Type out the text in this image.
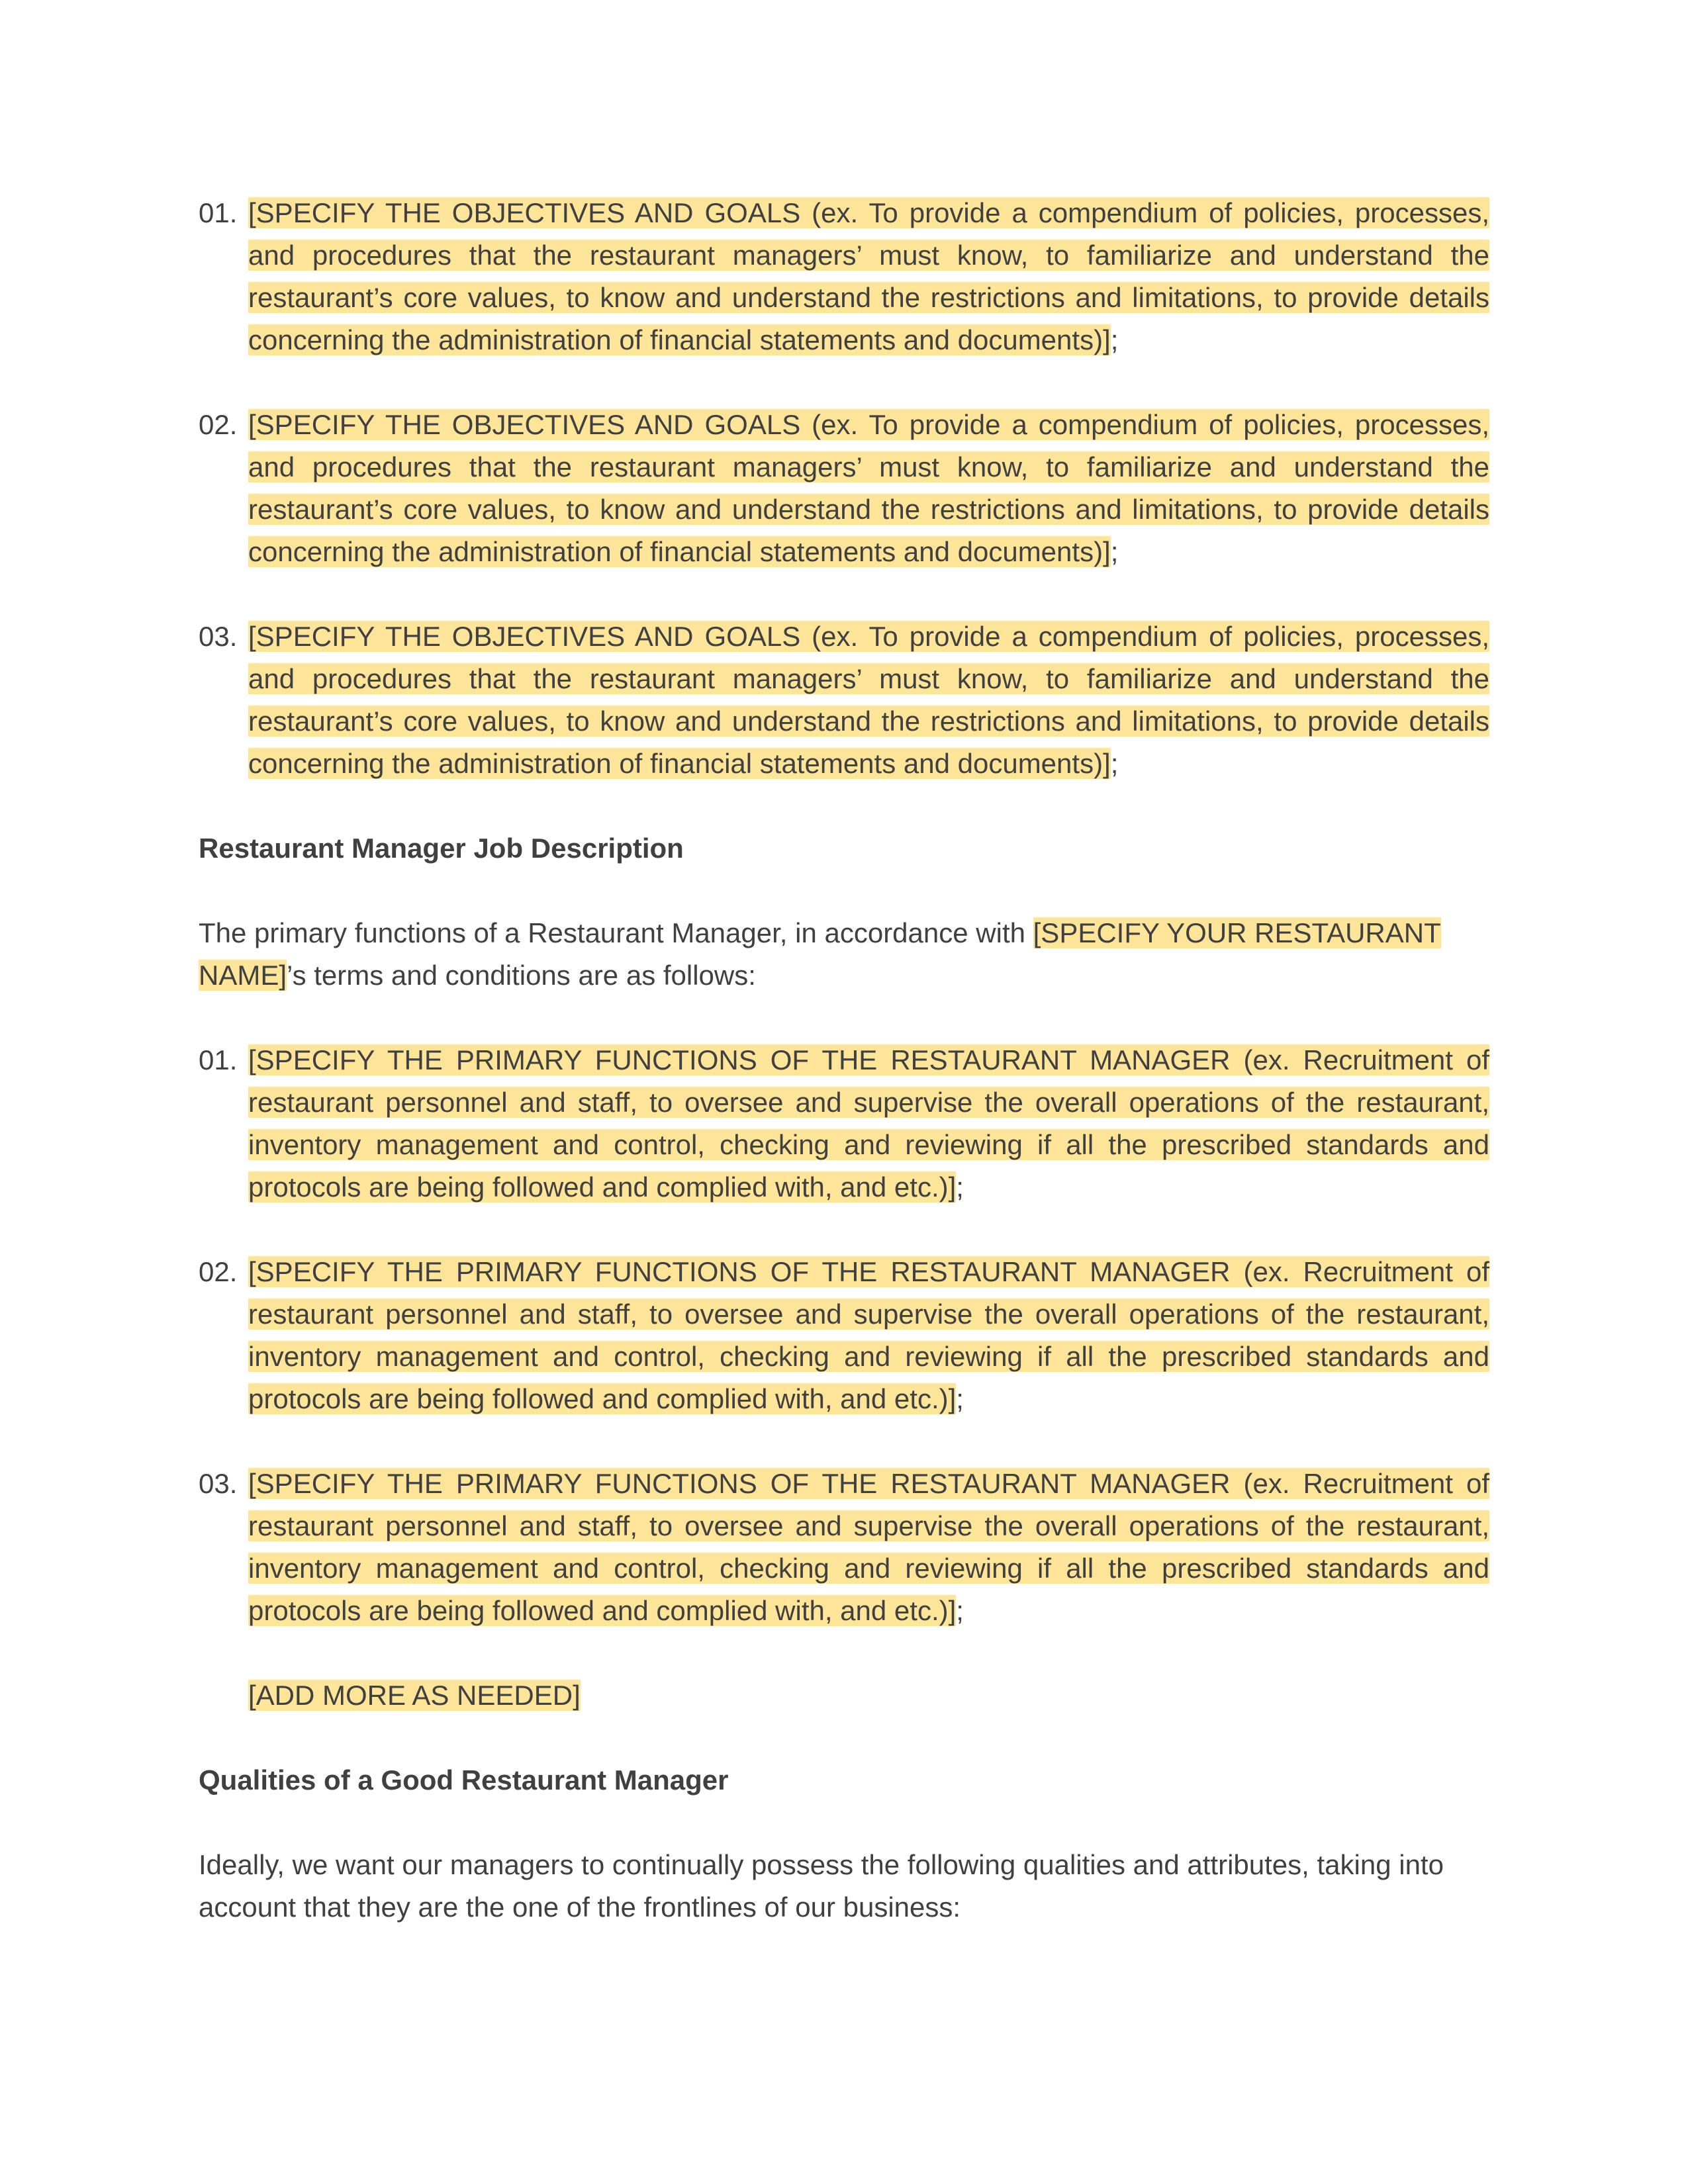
01. [SPECIFY THE OBJECTIVES AND GOALS (ex. To provide a compendium of policies, processes, and procedures that the restaurant managers’ must know, to familiarize and understand the restaurant’s core values, to know and understand the restrictions and limitations, to provide details concerning the administration of financial statements and documents)];
02. [SPECIFY THE OBJECTIVES AND GOALS (ex. To provide a compendium of policies, processes, and procedures that the restaurant managers’ must know, to familiarize and understand the restaurant’s core values, to know and understand the restrictions and limitations, to provide details concerning the administration of financial statements and documents)];
03. [SPECIFY THE OBJECTIVES AND GOALS (ex. To provide a compendium of policies, processes, and procedures that the restaurant managers’ must know, to familiarize and understand the restaurant’s core values, to know and understand the restrictions and limitations, to provide details concerning the administration of financial statements and documents)];
Restaurant Manager Job Description
The primary functions of a Restaurant Manager, in accordance with [SPECIFY YOUR RESTAURANT NAME]’s terms and conditions are as follows:
01. [SPECIFY THE PRIMARY FUNCTIONS OF THE RESTAURANT MANAGER (ex. Recruitment of restaurant personnel and staff, to oversee and supervise the overall operations of the restaurant, inventory management and control, checking and reviewing if all the prescribed standards and protocols are being followed and complied with, and etc.)];
02. [SPECIFY THE PRIMARY FUNCTIONS OF THE RESTAURANT MANAGER (ex. Recruitment of restaurant personnel and staff, to oversee and supervise the overall operations of the restaurant, inventory management and control, checking and reviewing if all the prescribed standards and protocols are being followed and complied with, and etc.)];
03. [SPECIFY THE PRIMARY FUNCTIONS OF THE RESTAURANT MANAGER (ex. Recruitment of restaurant personnel and staff, to oversee and supervise the overall operations of the restaurant, inventory management and control, checking and reviewing if all the prescribed standards and protocols are being followed and complied with, and etc.)];
[ADD MORE AS NEEDED]
Qualities of a Good Restaurant Manager
Ideally, we want our managers to continually possess the following qualities and attributes, taking into account that they are the one of the frontlines of our business:
